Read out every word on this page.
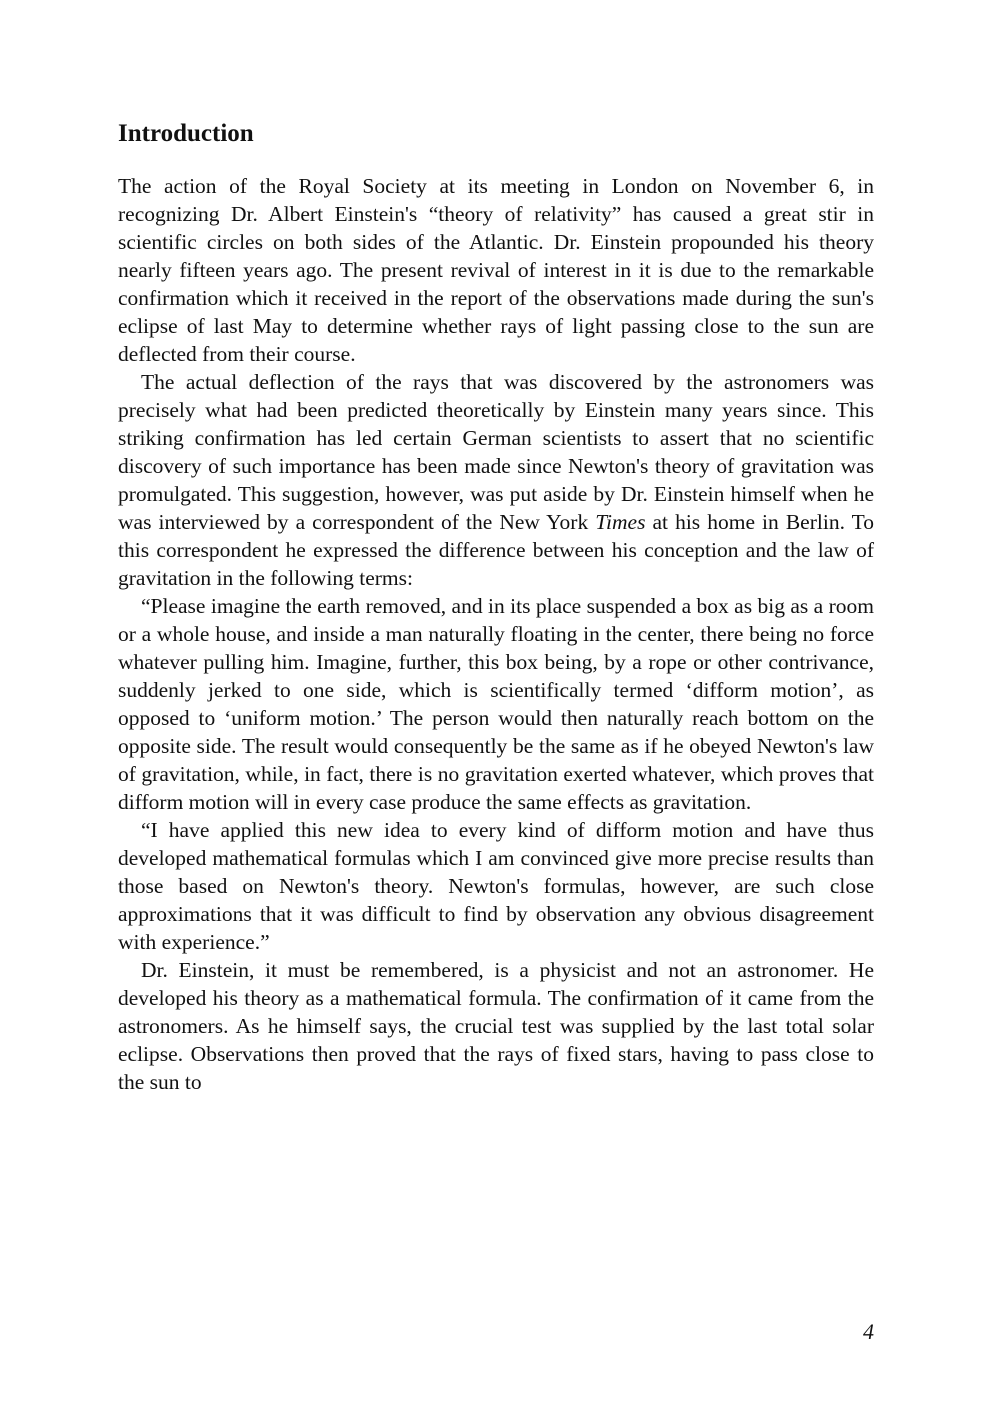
Introduction

The action of the Royal Society at its meeting in London on November 6, in recognizing Dr. Albert Einstein's “theory of relativity” has caused a great stir in scientific circles on both sides of the Atlantic. Dr. Einstein propounded his theory nearly fifteen years ago. The present revival of interest in it is due to the remarkable confirmation which it received in the report of the observations made during the sun's eclipse of last May to determine whether rays of light passing close to the sun are deflected from their course.

The actual deflection of the rays that was discovered by the astronomers was precisely what had been predicted theoretically by Einstein many years since. This striking confirmation has led certain German scientists to assert that no scientific discovery of such importance has been made since Newton's theory of gravitation was promulgated. This suggestion, however, was put aside by Dr. Einstein himself when he was interviewed by a correspondent of the New York Times at his home in Berlin. To this correspondent he expressed the difference between his conception and the law of gravitation in the following terms:

“Please imagine the earth removed, and in its place suspended a box as big as a room or a whole house, and inside a man naturally floating in the center, there being no force whatever pulling him. Imagine, further, this box being, by a rope or other contrivance, suddenly jerked to one side, which is scientifically termed ‘difform motion’, as opposed to ‘uniform motion.’ The person would then naturally reach bottom on the opposite side. The result would consequently be the same as if he obeyed Newton's law of gravitation, while, in fact, there is no gravitation exerted whatever, which proves that difform motion will in every case produce the same effects as gravitation.

“I have applied this new idea to every kind of difform motion and have thus developed mathematical formulas which I am convinced give more precise results than those based on Newton's theory. Newton's formulas, however, are such close approximations that it was difficult to find by observation any obvious disagreement with experience.”

Dr. Einstein, it must be remembered, is a physicist and not an astronomer. He developed his theory as a mathematical formula. The confirmation of it came from the astronomers. As he himself says, the crucial test was supplied by the last total solar eclipse. Observations then proved that the rays of fixed stars, having to pass close to the sun to

4
